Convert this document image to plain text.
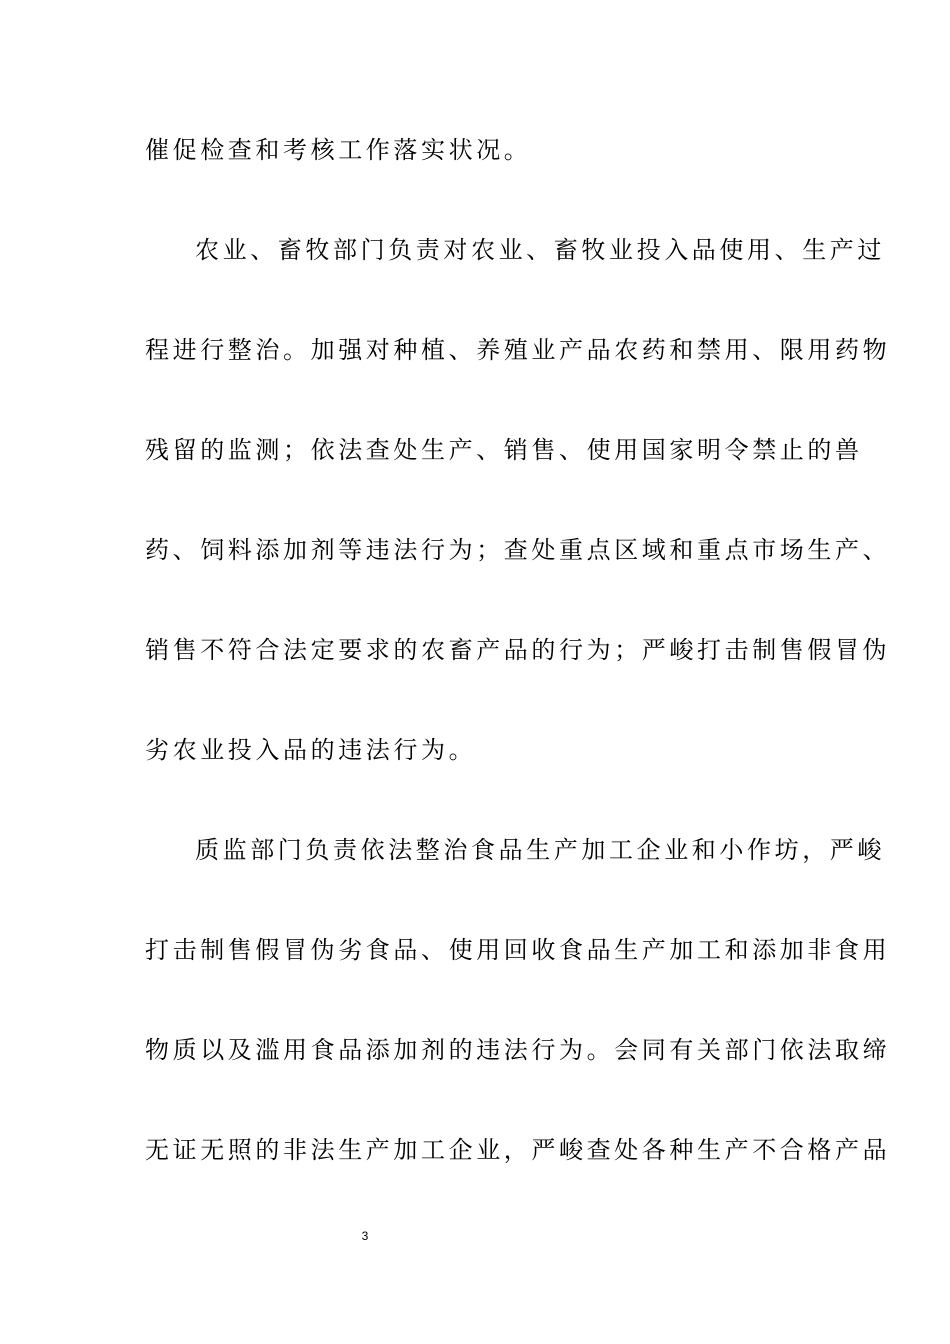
催促检查和考核工作落实状况。
农业、畜牧部门负责对农业、畜牧业投入品使用、生产过
程进行整治。加强对种植、养殖业产品农药和禁用、限用药物
残留的监测；依法查处生产、销售、使用国家明令禁止的兽
药、饲料添加剂等违法行为；查处重点区域和重点市场生产、
销售不符合法定要求的农畜产品的行为；严峻打击制售假冒伪
劣农业投入品的违法行为。
质监部门负责依法整治食品生产加工企业和小作坊，严峻
打击制售假冒伪劣食品、使用回收食品生产加工和添加非食用
物质以及滥用食品添加剂的违法行为。会同有关部门依法取缔
无证无照的非法生产加工企业，严峻查处各种生产不合格产品
3
